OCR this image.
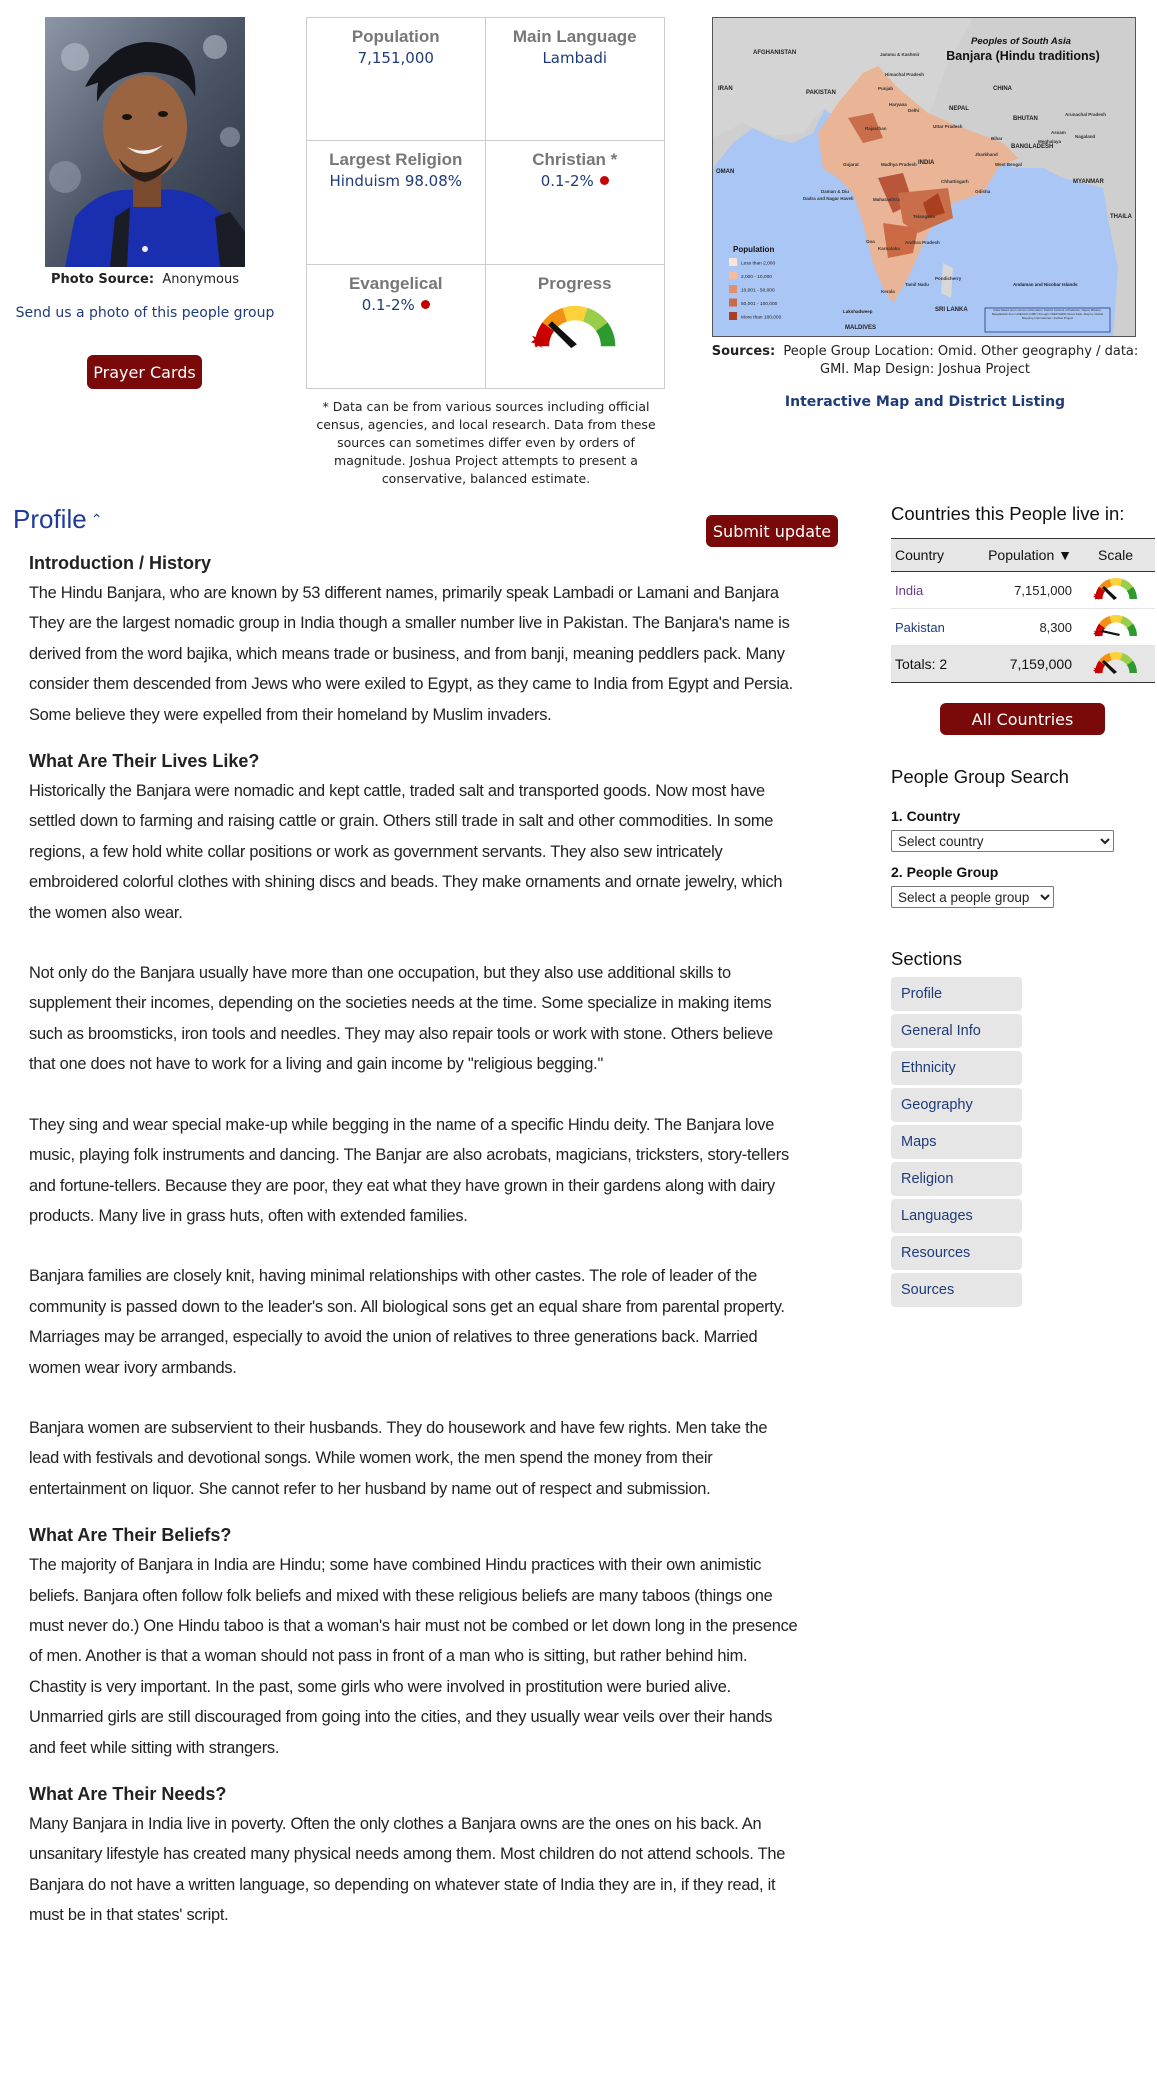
Photo Source: Anonymous
Send us a photo of this people group
Prayer Cards
Population
7,151,000
Main Language
Lambadi
Largest Religion
Hinduism 98.08%
Christian *
0.1-2%
Evangelical
0.1-2%
Progress
* Data can be from various sources including official census, agencies, and local research. Data from these sources can sometimes differ even by orders of magnitude. Joshua Project attempts to present a conservative, balanced estimate.
Peoples of South Asia
Banjara (Hindu traditions)
AFGHANISTAN
IRAN
PAKISTAN
CHINA
NEPAL
BHUTAN
BANGLADESH
MYANMAR
INDIA
OMAN
THAILA
SRI LANKA
MALDIVES
Lakshadweep
Andaman and Nicobar Islands
Rajasthan
Gujarat	Madhya Pradesh
Maharashtra
Telangana
Karnataka
Andhra Pradesh
Tamil Nadu
Kerala
Goa
Uttar Pradesh
Bihar
Jharkhand
West Bengal
Odisha
Chhattisgarh
Pondicherry
Jammu & Kashmir
Himachal Pradesh
Punjab
Haryana
Delhi
Assam
Arunachal Pradesh
Nagaland
Meghalaya
Daman & Diu
Dadra and Nagar Haveli
Population
Less than 2,000
2,000 - 10,000
10,001 - 50,000
50,001 - 100,000
More than 100,000
Data based upon census information. District borders of Pakistan, Nepal, Bhutan, Bangladesh from UNESCO (1987) through UNEP/GRID-Sioux Falls. Map by Global Mapping International / Joshua Project
Sources: People Group Location: Omid. Other geography / data: GMI. Map Design: Joshua Project
Interactive Map and District Listing
Profile ⌃
Submit update
Introduction / History

The Hindu Banjara, who are known by 53 different names, primarily speak Lambadi or Lamani and Banjara They are the largest nomadic group in India though a smaller number live in Pakistan. The Banjara's name is derived from the word bajika, which means trade or business, and from banji, meaning peddlers pack. Many consider them descended from Jews who were exiled to Egypt, as they came to India from Egypt and Persia. Some believe they were expelled from their homeland by Muslim invaders.

What Are Their Lives Like?

Historically the Banjara were nomadic and kept cattle, traded salt and transported goods. Now most have settled down to farming and raising cattle or grain. Others still trade in salt and other commodities. In some regions, a few hold white collar positions or work as government servants. They also sew intricately embroidered colorful clothes with shining discs and beads. They make ornaments and ornate jewelry, which the women also wear.

Not only do the Banjara usually have more than one occupation, but they also use additional skills to supplement their incomes, depending on the societies needs at the time. Some specialize in making items such as broomsticks, iron tools and needles. They may also repair tools or work with stone. Others believe that one does not have to work for a living and gain income by "religious begging."

They sing and wear special make-up while begging in the name of a specific Hindu deity. The Banjara love music, playing folk instruments and dancing. The Banjar are also acrobats, magicians, tricksters, story-tellers and fortune-tellers. Because they are poor, they eat what they have grown in their gardens along with dairy products. Many live in grass huts, often with extended families.

Banjara families are closely knit, having minimal relationships with other castes. The role of leader of the community is passed down to the leader's son. All biological sons get an equal share from parental property. Marriages may be arranged, especially to avoid the union of relatives to three generations back. Married women wear ivory armbands.

Banjara women are subservient to their husbands. They do housework and have few rights. Men take the lead with festivals and devotional songs. While women work, the men spend the money from their entertainment on liquor. She cannot refer to her husband by name out of respect and submission.

What Are Their Beliefs?

The majority of Banjara in India are Hindu; some have combined Hindu practices with their own animistic beliefs. Banjara often follow folk beliefs and mixed with these religious beliefs are many taboos (things one must never do.) One Hindu taboo is that a woman's hair must not be combed or let down long in the presence of men. Another is that a woman should not pass in front of a man who is sitting, but rather behind him. Chastity is very important. In the past, some girls who were involved in prostitution were buried alive. Unmarried girls are still discouraged from going into the cities, and they usually wear veils over their hands and feet while sitting with strangers.

What Are Their Needs?

Many Banjara in India live in poverty. Often the only clothes a Banjara owns are the ones on his back. An unsanitary lifestyle has created many physical needs among them. Most children do not attend schools. The Banjara do not have a written language, so depending on whatever state of India they are in, if they read, it must be in that states' script.

Countries this People live in:
Country	Population ▼	Scale
India	7,151,000	
Pakistan	8,300	
Totals: 2	7,159,000	
All Countries Listing
People Group Search
1. Country
Select country
2. People Group
Select a people group
Sections
Profile
General Info
Ethnicity
Geography
Maps
Religion
Languages
Resources
Sources
